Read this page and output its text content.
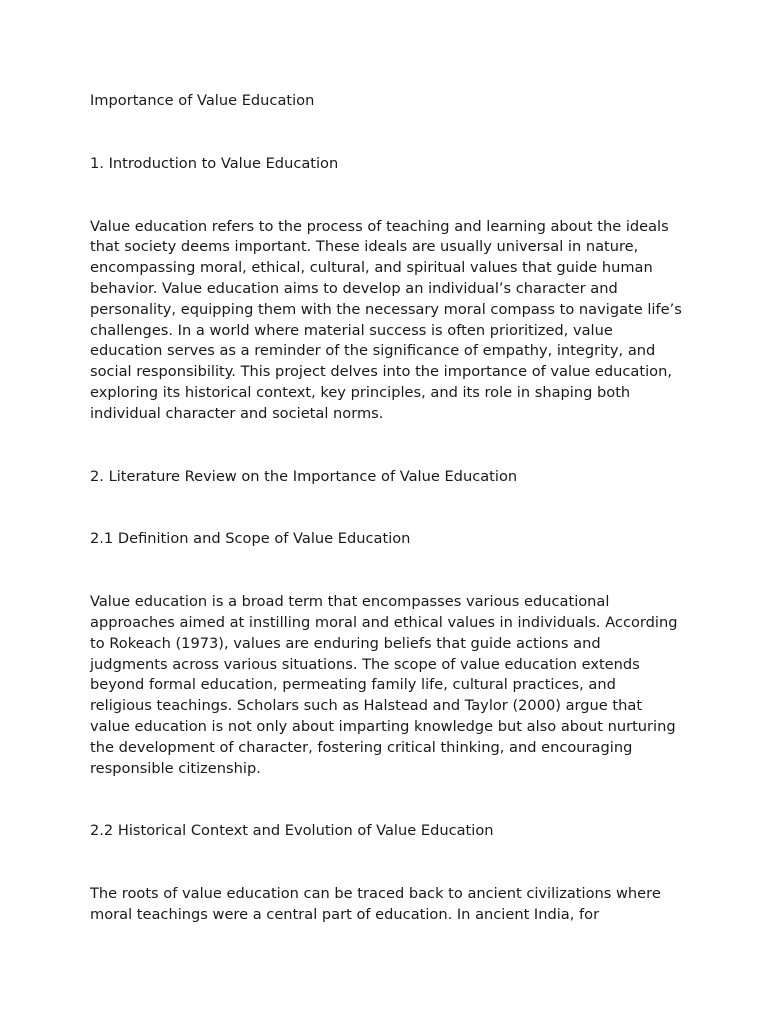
Importance of Value Education

1. Introduction to Value Education

Value education refers to the process of teaching and learning about the ideals that society deems important. These ideals are usually universal in nature, encompassing moral, ethical, cultural, and spiritual values that guide human behavior. Value education aims to develop an individual’s character and personality, equipping them with the necessary moral compass to navigate life’s challenges. In a world where material success is often prioritized, value education serves as a reminder of the significance of empathy, integrity, and social responsibility. This project delves into the importance of value education, exploring its historical context, key principles, and its role in shaping both individual character and societal norms.

2. Literature Review on the Importance of Value Education

2.1 Definition and Scope of Value Education

Value education is a broad term that encompasses various educational approaches aimed at instilling moral and ethical values in individuals. According to Rokeach (1973), values are enduring beliefs that guide actions and judgments across various situations. The scope of value education extends beyond formal education, permeating family life, cultural practices, and religious teachings. Scholars such as Halstead and Taylor (2000) argue that value education is not only about imparting knowledge but also about nurturing the development of character, fostering critical thinking, and encouraging responsible citizenship.

2.2 Historical Context and Evolution of Value Education

The roots of value education can be traced back to ancient civilizations where moral teachings were a central part of education. In ancient India, for
